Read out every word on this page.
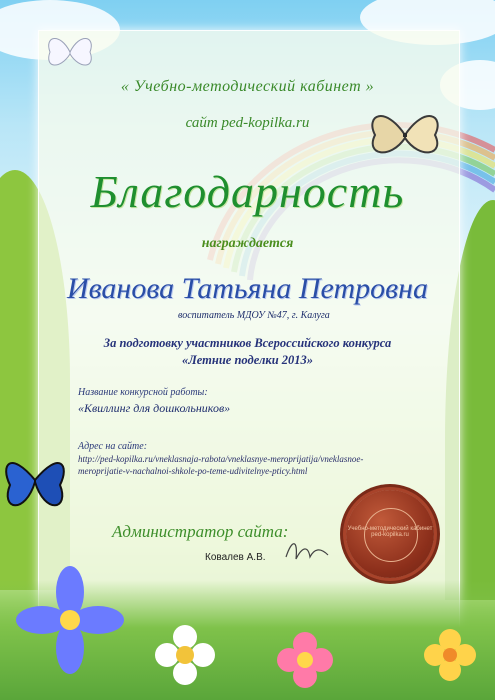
« Учебно-методический кабинет »
сайт ped-kopilka.ru
Благодарность
награждается
Иванова Татьяна Петровна
воспитатель МДОУ №47, г. Калуга
За подготовку участников Всероссийского конкурса
«Летние поделки 2013»
Название конкурсной работы:
«Квиллинг для дошкольников»
Адрес на сайте:
http://ped-kopilka.ru/vneklasnaja-rabota/vneklasnye-meroprijatija/vneklasnoe-
meroprijatie-v-nachalnoi-shkole-po-teme-udivitelnye-pticy.html
Администратор сайта:
Ковалев А.В.
Учебно-методический кабинет ped-kopilka.ru
